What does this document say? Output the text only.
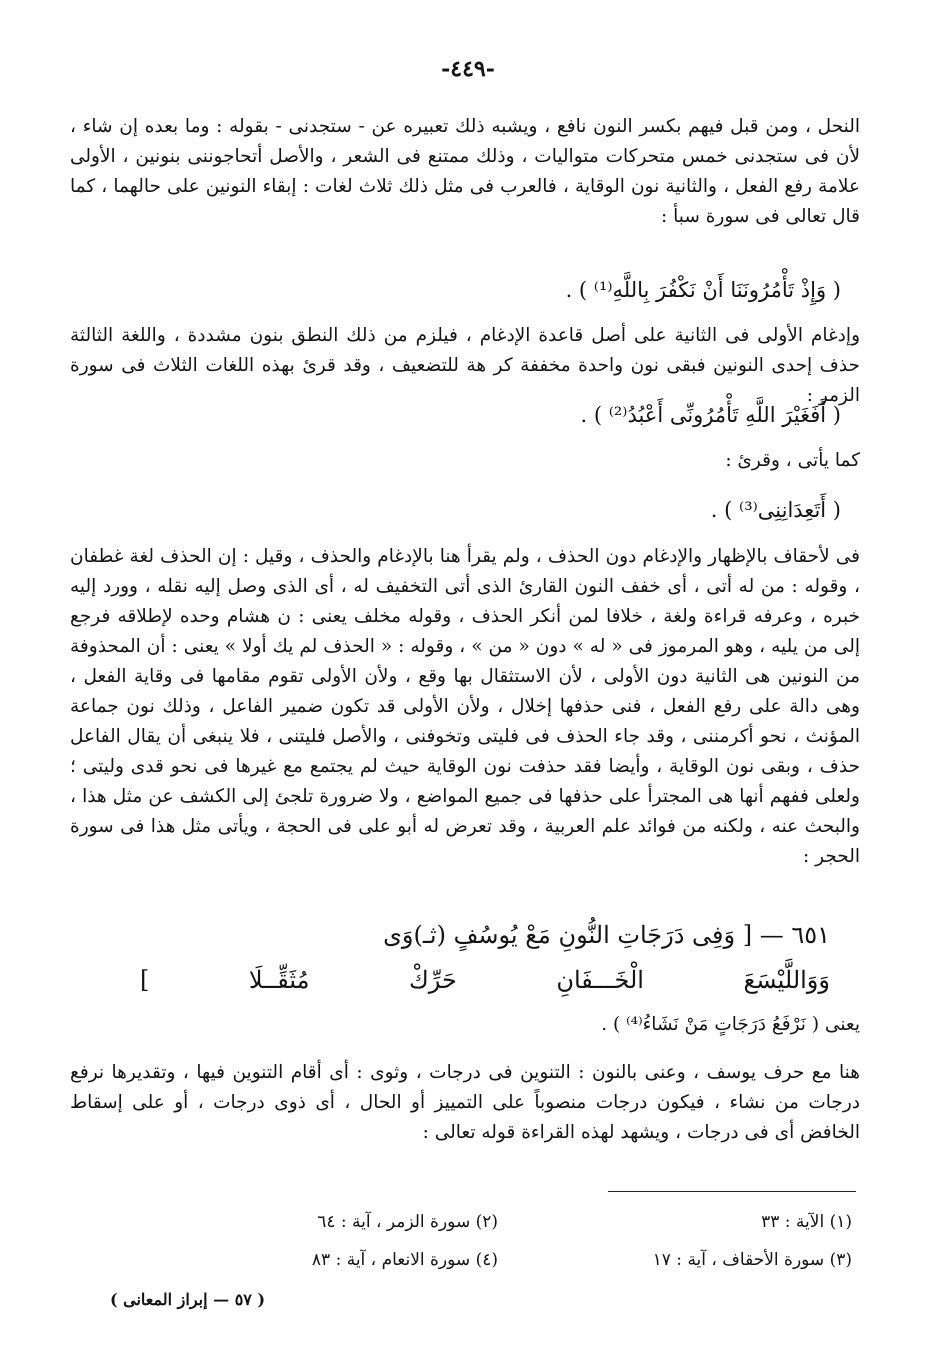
-٤٤٩-

النحل ، ومن قبل فيهم بكسر النون نافع ، ويشبه ذلك تعبيره عن - ستجدنى - بقوله : وما بعده إن شاء ، لأن فى ستجدنى خمس متحركات متواليات ، وذلك ممتنع فى الشعر ، والأصل أتحاجوننى بنونين ، الأولى علامة رفع الفعل ، والثانية نون الوقاية ، فالعرب فى مثل ذلك ثلاث لغات : إبقاء النونين على حالهما ، كما قال تعالى فى سورة سبأ :

( وَإِذْ تَأْمُرُونَنَا أَنْ نَكْفُرَ بِاللَّهِ⁽¹⁾ ) .

وإدغام الأولى فى الثانية على أصل قاعدة الإدغام ، فيلزم من ذلك النطق بنون مشددة ، واللغة الثالثة حذف إحدى النونين فبقى نون واحدة مخففة كر هة للتضعيف ، وقد قرئ بهذه اللغات الثلاث فى سورة الزمر :

( أَفَغَيْرَ اللَّهِ تَأْمُرُونِّى أَعْبُدُ⁽²⁾ ) .

كما يأتى ، وقرئ :

( أَتَعِدَانِنِى⁽³⁾ ) .

فى لأحقاف بالإظهار والإدغام دون الحذف ، ولم يقرأ هنا بالإدغام والحذف ، وقيل : إن الحذف لغة غطفان ، وقوله : من له أتى ، أى خفف النون القارئ الذى أتى التخفيف له ، أى الذى وصل إليه نقله ، وورد إليه خبره ، وعرفه قراءة ولغة ، خلافا لمن أنكر الحذف ، وقوله مخلف يعنى : ن هشام وحده لإطلاقه فرجع إلى من يليه ، وهو المرموز فى « له » دون « من » ، وقوله : « الحذف لم يك أولا » يعنى : أن المحذوفة من النونين هى الثانية دون الأولى ، لأن الاستثقال بها وقع ، ولأن الأولى تقوم مقامها فى وقاية الفعل ، وهى دالة على رفع الفعل ، فنى حذفها إخلال ، ولأن الأولى قد تكون ضمير الفاعل ، وذلك نون جماعة المؤنث ، نحو أكرمننى ، وقد جاء الحذف فى فليتى وتخوفنى ، والأصل فليتنى ، فلا ينبغى أن يقال الفاعل حذف ، وبقى نون الوقاية ، وأيضا فقد حذفت نون الوقاية حيث لم يجتمع مع غيرها فى نحو قدى وليتى ؛ ولعلى ففهم أنها هى المجترأ على حذفها فى جميع المواضع ، ولا ضرورة تلجئ إلى الكشف عن مثل هذا ، والبحث عنه ، ولكنه من فوائد علم العربية ، وقد تعرض له أبو على فى الحجة ، ويأتى مثل هذا فى سورة الحجر :

٦٥١ — [ وَفِى دَرَجَاتِ النُّونِ مَعْ يُوسُفٍ (ثـ)وَى

وَوَاللَّيْسَعَ الْخَـــفَانِ حَرِّكْ مُثَقِّــلَا ]

يعنى ( نَرْفَعُ دَرَجَاتٍ مَنْ نَشَاءُ⁽⁴⁾ ) .

هنا مع حرف يوسف ، وعنى بالنون : التنوين فى درجات ، وثوى : أى أقام التنوين فيها ، وتقديرها نرفع درجات من نشاء ، فيكون درجات منصوباً على التمييز أو الحال ، أى ذوى درجات ، أو على إسقاط الخافض أى فى درجات ، ويشهد لهذه القراءة قوله تعالى :

(١) الآية : ٣٣

(٢) سورة الزمر ، آية : ٦٤

(٣) سورة الأحقاف ، آية : ١٧

(٤) سورة الانعام ، آية : ٨٣

( ٥٧ — إبراز المعانى )
